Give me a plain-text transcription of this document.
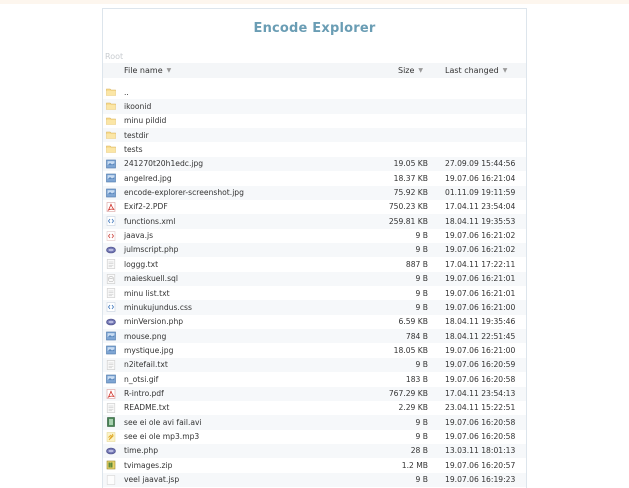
Encode Explorer
Root
File name ▼	Size ▼	Last changed ▼
..
ikoonid
minu pildid
testdir
tests
241270t20h1edc.jpg	19.05 KB 27.09.09 15:44:56
angelred.jpg	18.37 KB 19.07.06 16:21:04
encode-explorer-screenshot.jpg	75.92 KB 01.11.09 19:11:59
Exif2-2.PDF	750.23 KB 17.04.11 23:54:04
functions.xml	259.81 KB 18.04.11 19:35:53
jaava.js	9 B 19.07.06 16:21:02
julmscript.php	9 B 19.07.06 16:21:02
loggg.txt	887 B 17.04.11 17:22:11
maieskuell.sql	9 B 19.07.06 16:21:01
minu list.txt	9 B 19.07.06 16:21:01
minukujundus.css	9 B 19.07.06 16:21:00
minVersion.php	6.59 KB 18.04.11 19:35:46
mouse.png	784 B 18.04.11 22:51:45
mystique.jpg	18.05 KB 19.07.06 16:21:00
n2itefail.txt	9 B 19.07.06 16:20:59
n_otsi.gif	183 B 19.07.06 16:20:58
R-intro.pdf	767.29 KB 17.04.11 23:54:13
README.txt	2.29 KB 23.04.11 15:22:51
see ei ole avi fail.avi	9 B 19.07.06 16:20:58
see ei ole mp3.mp3	9 B 19.07.06 16:20:58
time.php	28 B 13.03.11 18:01:13
tvimages.zip	1.2 MB 19.07.06 16:20:57
veel jaavat.jsp	9 B 19.07.06 16:19:23
